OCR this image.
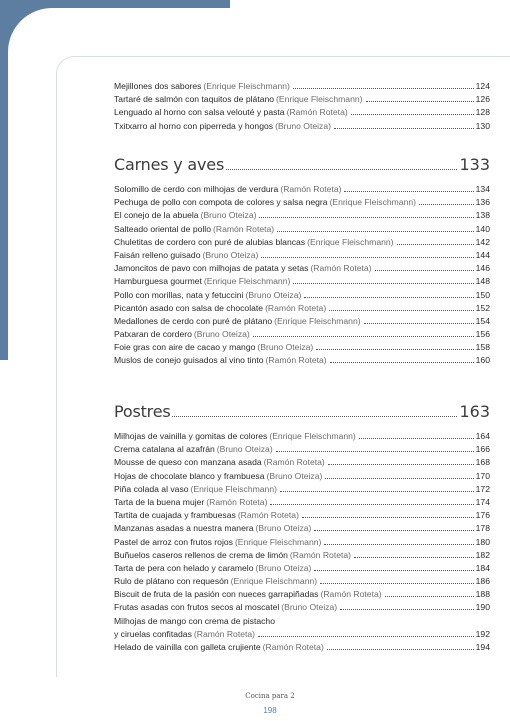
Mejillones dos sabores (Enrique Fleischmann)	124
Tartaré de salmón con taquitos de plátano (Enrique Fleischmann)	126
Lenguado al horno con salsa velouté y pasta (Ramón Roteta)	128
Txitxarro al horno con piperreda y hongos (Bruno Oteiza)	130
Carnes y aves	133
Solomillo de cerdo con milhojas de verdura (Ramón Roteta)	134
Pechuga de pollo con compota de colores y salsa negra (Enrique Fleischmann)	136
El conejo de la abuela (Bruno Oteiza)	138
Salteado oriental de pollo (Ramón Roteta)	140
Chuletitas de cordero con puré de alubias blancas (Enrique Fleischmann)	142
Faisán relleno guisado (Bruno Oteiza)	144
Jamoncitos de pavo con milhojas de patata y setas (Ramón Roteta)	146
Hamburguesa gourmet (Enrique Fleischmann)	148
Pollo con morillas, nata y fetuccini (Bruno Oteiza)	150
Picantón asado con salsa de chocolate (Ramón Roteta)	152
Medallones de cerdo con puré de plátano (Enrique Fleischmann)	154
Patxaran de cordero (Bruno Oteiza)	156
Foie gras con aire de cacao y mango (Bruno Oteiza)	158
Muslos de conejo guisados al vino tinto (Ramón Roteta)	160
Postres	163
Milhojas de vainilla y gomitas de colores (Enrique Fleischmann)	164
Crema catalana al azafrán (Bruno Oteiza)	166
Mousse de queso con manzana asada (Ramón Roteta)	168
Hojas de chocolate blanco y frambuesa (Bruno Oteiza)	170
Piña colada al vaso (Enrique Fleischmann)	172
Tarta de la buena mujer (Ramón Roteta)	174
Tartita de cuajada y frambuesas (Ramón Roteta)	176
Manzanas asadas a nuestra manera (Bruno Oteiza)	178
Pastel de arroz con frutos rojos (Enrique Fleischmann)	180
Buñuelos caseros rellenos de crema de limón (Ramón Roteta)	182
Tarta de pera con helado y caramelo (Bruno Oteiza)	184
Rulo de plátano con requesón (Enrique Fleischmann)	186
Biscuit de fruta de la pasión con nueces garrapiñadas (Ramón Roteta)	188
Frutas asadas con frutos secos al moscatel (Bruno Oteiza)	190
Milhojas de mango con crema de pistacho
y ciruelas confitadas (Ramón Roteta)	192
Helado de vainilla con galleta crujiente (Ramón Roteta)	194
Cocina para 2
198
